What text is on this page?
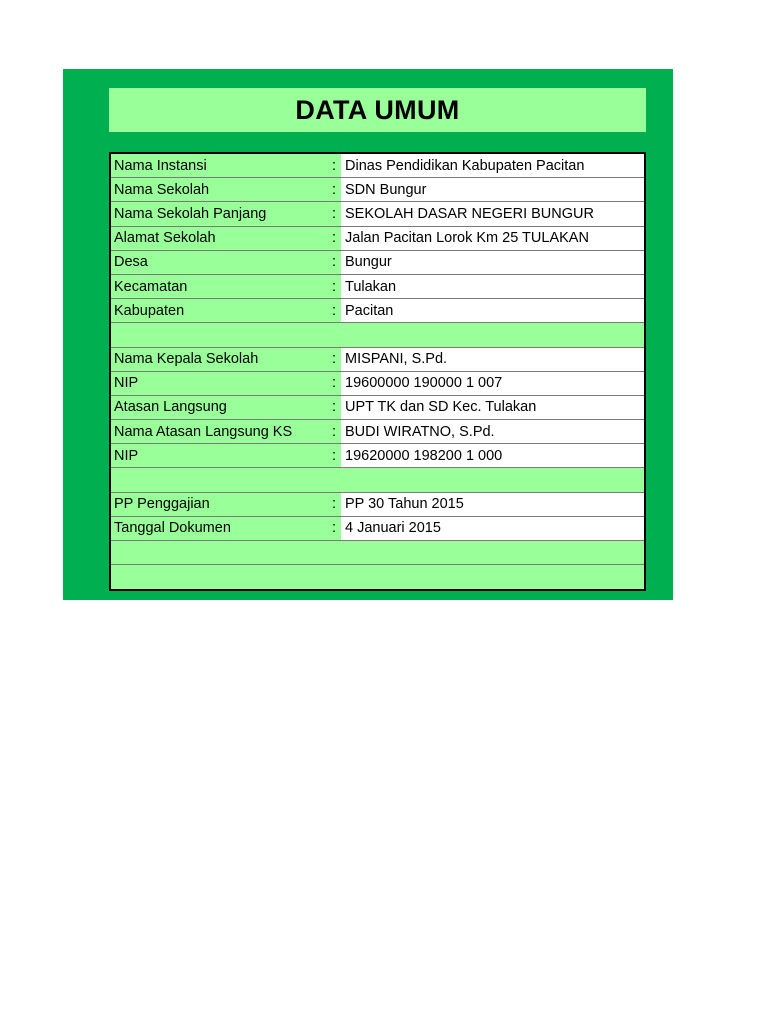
DATA UMUM
Nama Instansi	: Dinas Pendidikan Kabupaten Pacitan
Nama Sekolah	: SDN Bungur
Nama Sekolah Panjang	: SEKOLAH DASAR NEGERI BUNGUR
Alamat Sekolah	: Jalan Pacitan Lorok Km 25 TULAKAN
Desa	: Bungur
Kecamatan	: Tulakan
Kabupaten	: Pacitan
Nama Kepala Sekolah	: MISPANI, S.Pd.
NIP	: 19600000 190000 1 007
Atasan Langsung	: UPT TK dan SD Kec. Tulakan
Nama Atasan Langsung KS	: BUDI WIRATNO, S.Pd.
NIP	: 19620000 198200 1 000
PP Penggajian	: PP 30 Tahun 2015
Tanggal Dokumen	: 4 Januari 2015
